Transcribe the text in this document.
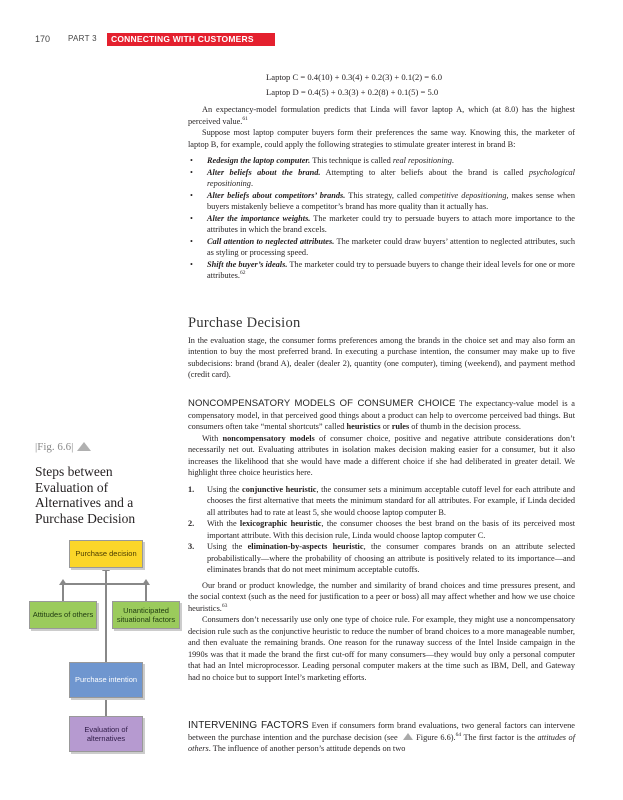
170 PART 3	CONNECTING WITH CUSTOMERS
Laptop C = 0.4(10) + 0.3(4) + 0.2(3) + 0.1(2) = 6.0
Laptop D = 0.4(5) + 0.3(3) + 0.2(8) + 0.1(5) = 5.0

An expectancy-model formulation predicts that Linda will favor laptop A, which (at 8.0) has the highest perceived value.$^{61}$

Suppose most laptop computer buyers form their preferences the same way. Knowing this, the marketer of laptop B, for example, could apply the following strategies to stimulate greater interest in brand B:

• Redesign the laptop computer. This technique is called real repositioning.
• Alter beliefs about the brand. Attempting to alter beliefs about the brand is called psychological repositioning.
• Alter beliefs about competitors’ brands. This strategy, called competitive depositioning, makes sense when buyers mistakenly believe a competitor’s brand has more quality than it actually has.
• Alter the importance weights. The marketer could try to persuade buyers to attach more importance to the attributes in which the brand excels.
• Call attention to neglected attributes. The marketer could draw buyers’ attention to neglected attributes, such as styling or processing speed.
• Shift the buyer’s ideals. The marketer could try to persuade buyers to change their ideal levels for one or more attributes.$^{62}$
Purchase Decision

In the evaluation stage, the consumer forms preferences among the brands in the choice set and may also form an intention to buy the most preferred brand. In executing a purchase intention, the consumer may make up to five subdecisions: brand (brand A), dealer (dealer 2), quantity (one computer), timing (weekend), and payment method (credit card).

NONCOMPENSATORY MODELS OF CONSUMER CHOICE The expectancy-value model is a compensatory model, in that perceived good things about a product can help to overcome perceived bad things. But consumers often take “mental shortcuts” called heuristics or rules of thumb in the decision process.

With noncompensatory models of consumer choice, positive and negative attribute considerations don’t necessarily net out. Evaluating attributes in isolation makes decision making easier for a consumer, but it also increases the likelihood that she would have made a different choice if she had deliberated in greater detail. We highlight three choice heuristics here.

1. Using the conjunctive heuristic, the consumer sets a minimum acceptable cutoff level for each attribute and chooses the first alternative that meets the minimum standard for all attributes. For example, if Linda decided all attributes had to rate at least 5, she would choose laptop computer B.
2. With the lexicographic heuristic, the consumer chooses the best brand on the basis of its perceived most important attribute. With this decision rule, Linda would choose laptop computer C.
3. Using the elimination-by-aspects heuristic, the consumer compares brands on an attribute selected probabilistically—where the probability of choosing an attribute is positively related to its importance—and eliminates brands that do not meet minimum acceptable cutoffs.

Our brand or product knowledge, the number and similarity of brand choices and time pressures present, and the social context (such as the need for justification to a peer or boss) all may affect whether and how we use choice heuristics.$^{63}$

Consumers don’t necessarily use only one type of choice rule. For example, they might use a noncompensatory decision rule such as the conjunctive heuristic to reduce the number of brand choices to a more manageable number, and then evaluate the remaining brands. One reason for the runaway success of the Intel Inside campaign in the 1990s was that it made the brand the first cut-off for many consumers—they would buy only a personal computer that had an Intel microprocessor. Leading personal computer makers at the time such as IBM, Dell, and Gateway had no choice but to support Intel’s marketing efforts.

INTERVENING FACTORS Even if consumers form brand evaluations, two general factors can intervene between the purchase intention and the purchase decision (see Figure 6.6).$^{64}$ The first factor is the attitudes of others. The influence of another person’s attitude depends on two

|Fig. 6.6|
Steps between
Evaluation of
Alternatives and a
Purchase Decision
Purchase decision
Attitudes of others
Unanticipated situational factors
Purchase intention
Evaluation of alternatives
